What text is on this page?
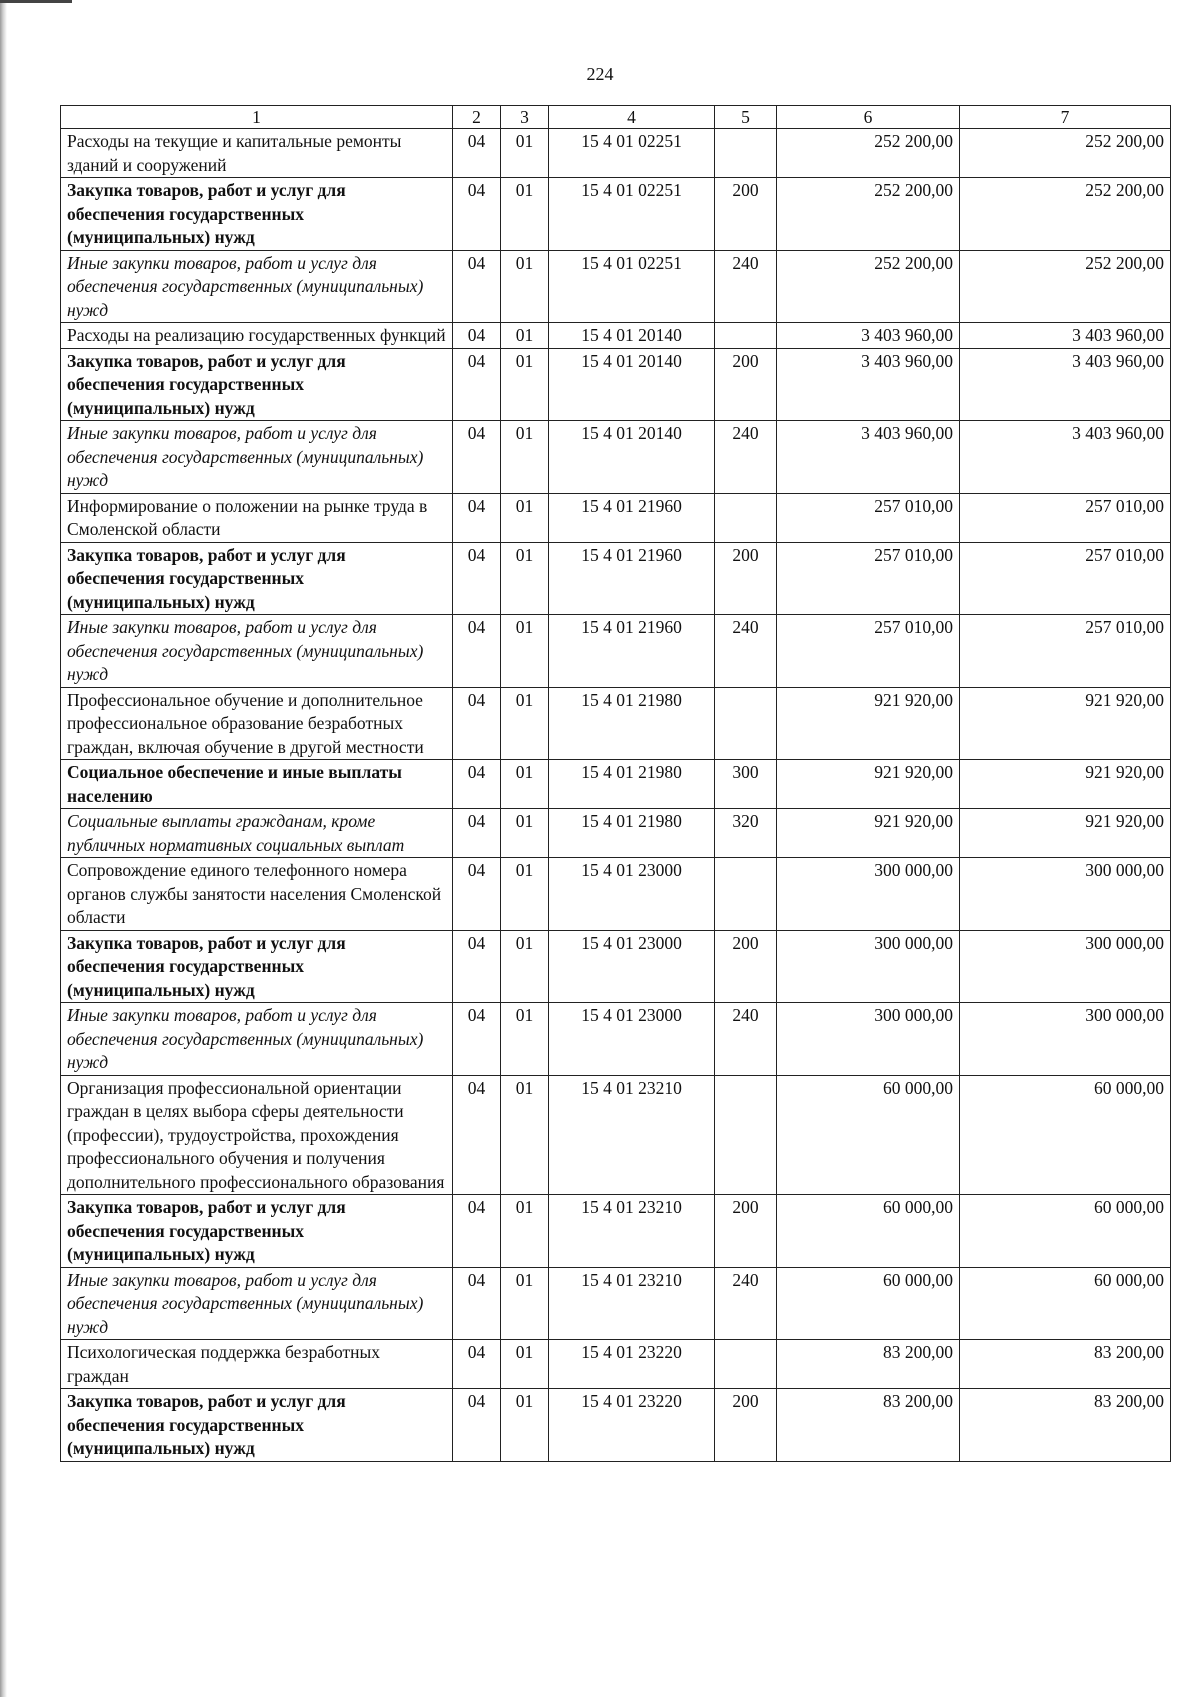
224
1	2	3	4	5	6	7
Расходы на текущие и капитальные ремонты зданий и сооружений	04	01	15 4 01 02251		252 200,00	252 200,00
Закупка товаров, работ и услуг для обеспечения государственных (муниципальных) нужд	04	01	15 4 01 02251	200	252 200,00	252 200,00
Иные закупки товаров, работ и услуг для обеспечения государственных (муниципальных) нужд	04	01	15 4 01 02251	240	252 200,00	252 200,00
Расходы на реализацию государственных функций	04	01	15 4 01 20140		3 403 960,00	3 403 960,00
Закупка товаров, работ и услуг для обеспечения государственных (муниципальных) нужд	04	01	15 4 01 20140	200	3 403 960,00	3 403 960,00
Иные закупки товаров, работ и услуг для обеспечения государственных (муниципальных) нужд	04	01	15 4 01 20140	240	3 403 960,00	3 403 960,00
Информирование о положении на рынке труда в Смоленской области	04	01	15 4 01 21960		257 010,00	257 010,00
Закупка товаров, работ и услуг для обеспечения государственных (муниципальных) нужд	04	01	15 4 01 21960	200	257 010,00	257 010,00
Иные закупки товаров, работ и услуг для обеспечения государственных (муниципальных) нужд	04	01	15 4 01 21960	240	257 010,00	257 010,00
Профессиональное обучение и дополнительное профессиональное образование безработных граждан, включая обучение в другой местности	04	01	15 4 01 21980		921 920,00	921 920,00
Социальное обеспечение и иные выплаты населению	04	01	15 4 01 21980	300	921 920,00	921 920,00
Социальные выплаты гражданам, кроме публичных нормативных социальных выплат	04	01	15 4 01 21980	320	921 920,00	921 920,00
Сопровождение единого телефонного номера органов службы занятости населения Смоленской области	04	01	15 4 01 23000		300 000,00	300 000,00
Закупка товаров, работ и услуг для обеспечения государственных (муниципальных) нужд	04	01	15 4 01 23000	200	300 000,00	300 000,00
Иные закупки товаров, работ и услуг для обеспечения государственных (муниципальных) нужд	04	01	15 4 01 23000	240	300 000,00	300 000,00
Организация профессиональной ориентации граждан в целях выбора сферы деятельности (профессии), трудоустройства, прохождения профессионального обучения и получения дополнительного профессионального образования	04	01	15 4 01 23210		60 000,00	60 000,00
Закупка товаров, работ и услуг для обеспечения государственных (муниципальных) нужд	04	01	15 4 01 23210	200	60 000,00	60 000,00
Иные закупки товаров, работ и услуг для обеспечения государственных (муниципальных) нужд	04	01	15 4 01 23210	240	60 000,00	60 000,00
Психологическая поддержка безработных граждан	04	01	15 4 01 23220		83 200,00	83 200,00
Закупка товаров, работ и услуг для обеспечения государственных (муниципальных) нужд	04	01	15 4 01 23220	200	83 200,00	83 200,00
